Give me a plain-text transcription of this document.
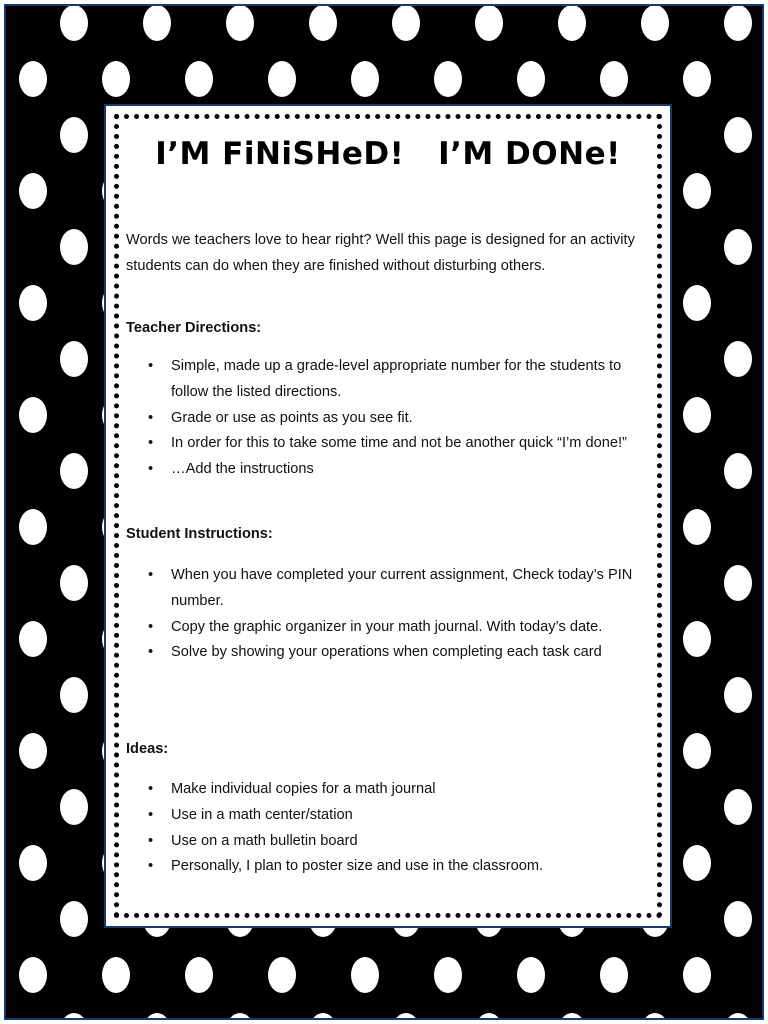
I’M FiNiSHeD!   I’M DONe!

Words we teachers love to hear right? Well this page is designed for an activity students can do when they are finished without disturbing others.

Teacher Directions:
• Simple, made up a grade-level appropriate number for the students to follow the listed directions.
• Grade or use as points as you see fit.
• In order for this to take some time and not be another quick “I’m done!”
• …Add the instructions
Student Instructions:
• When you have completed your current assignment, Check today’s PIN number.
• Copy the graphic organizer in your math journal. With today’s date.
• Solve by showing your operations when completing each task card
Ideas:
• Make individual copies for a math journal
• Use in a math center/station
• Use on a math bulletin board
• Personally, I plan to poster size and use in the classroom.
